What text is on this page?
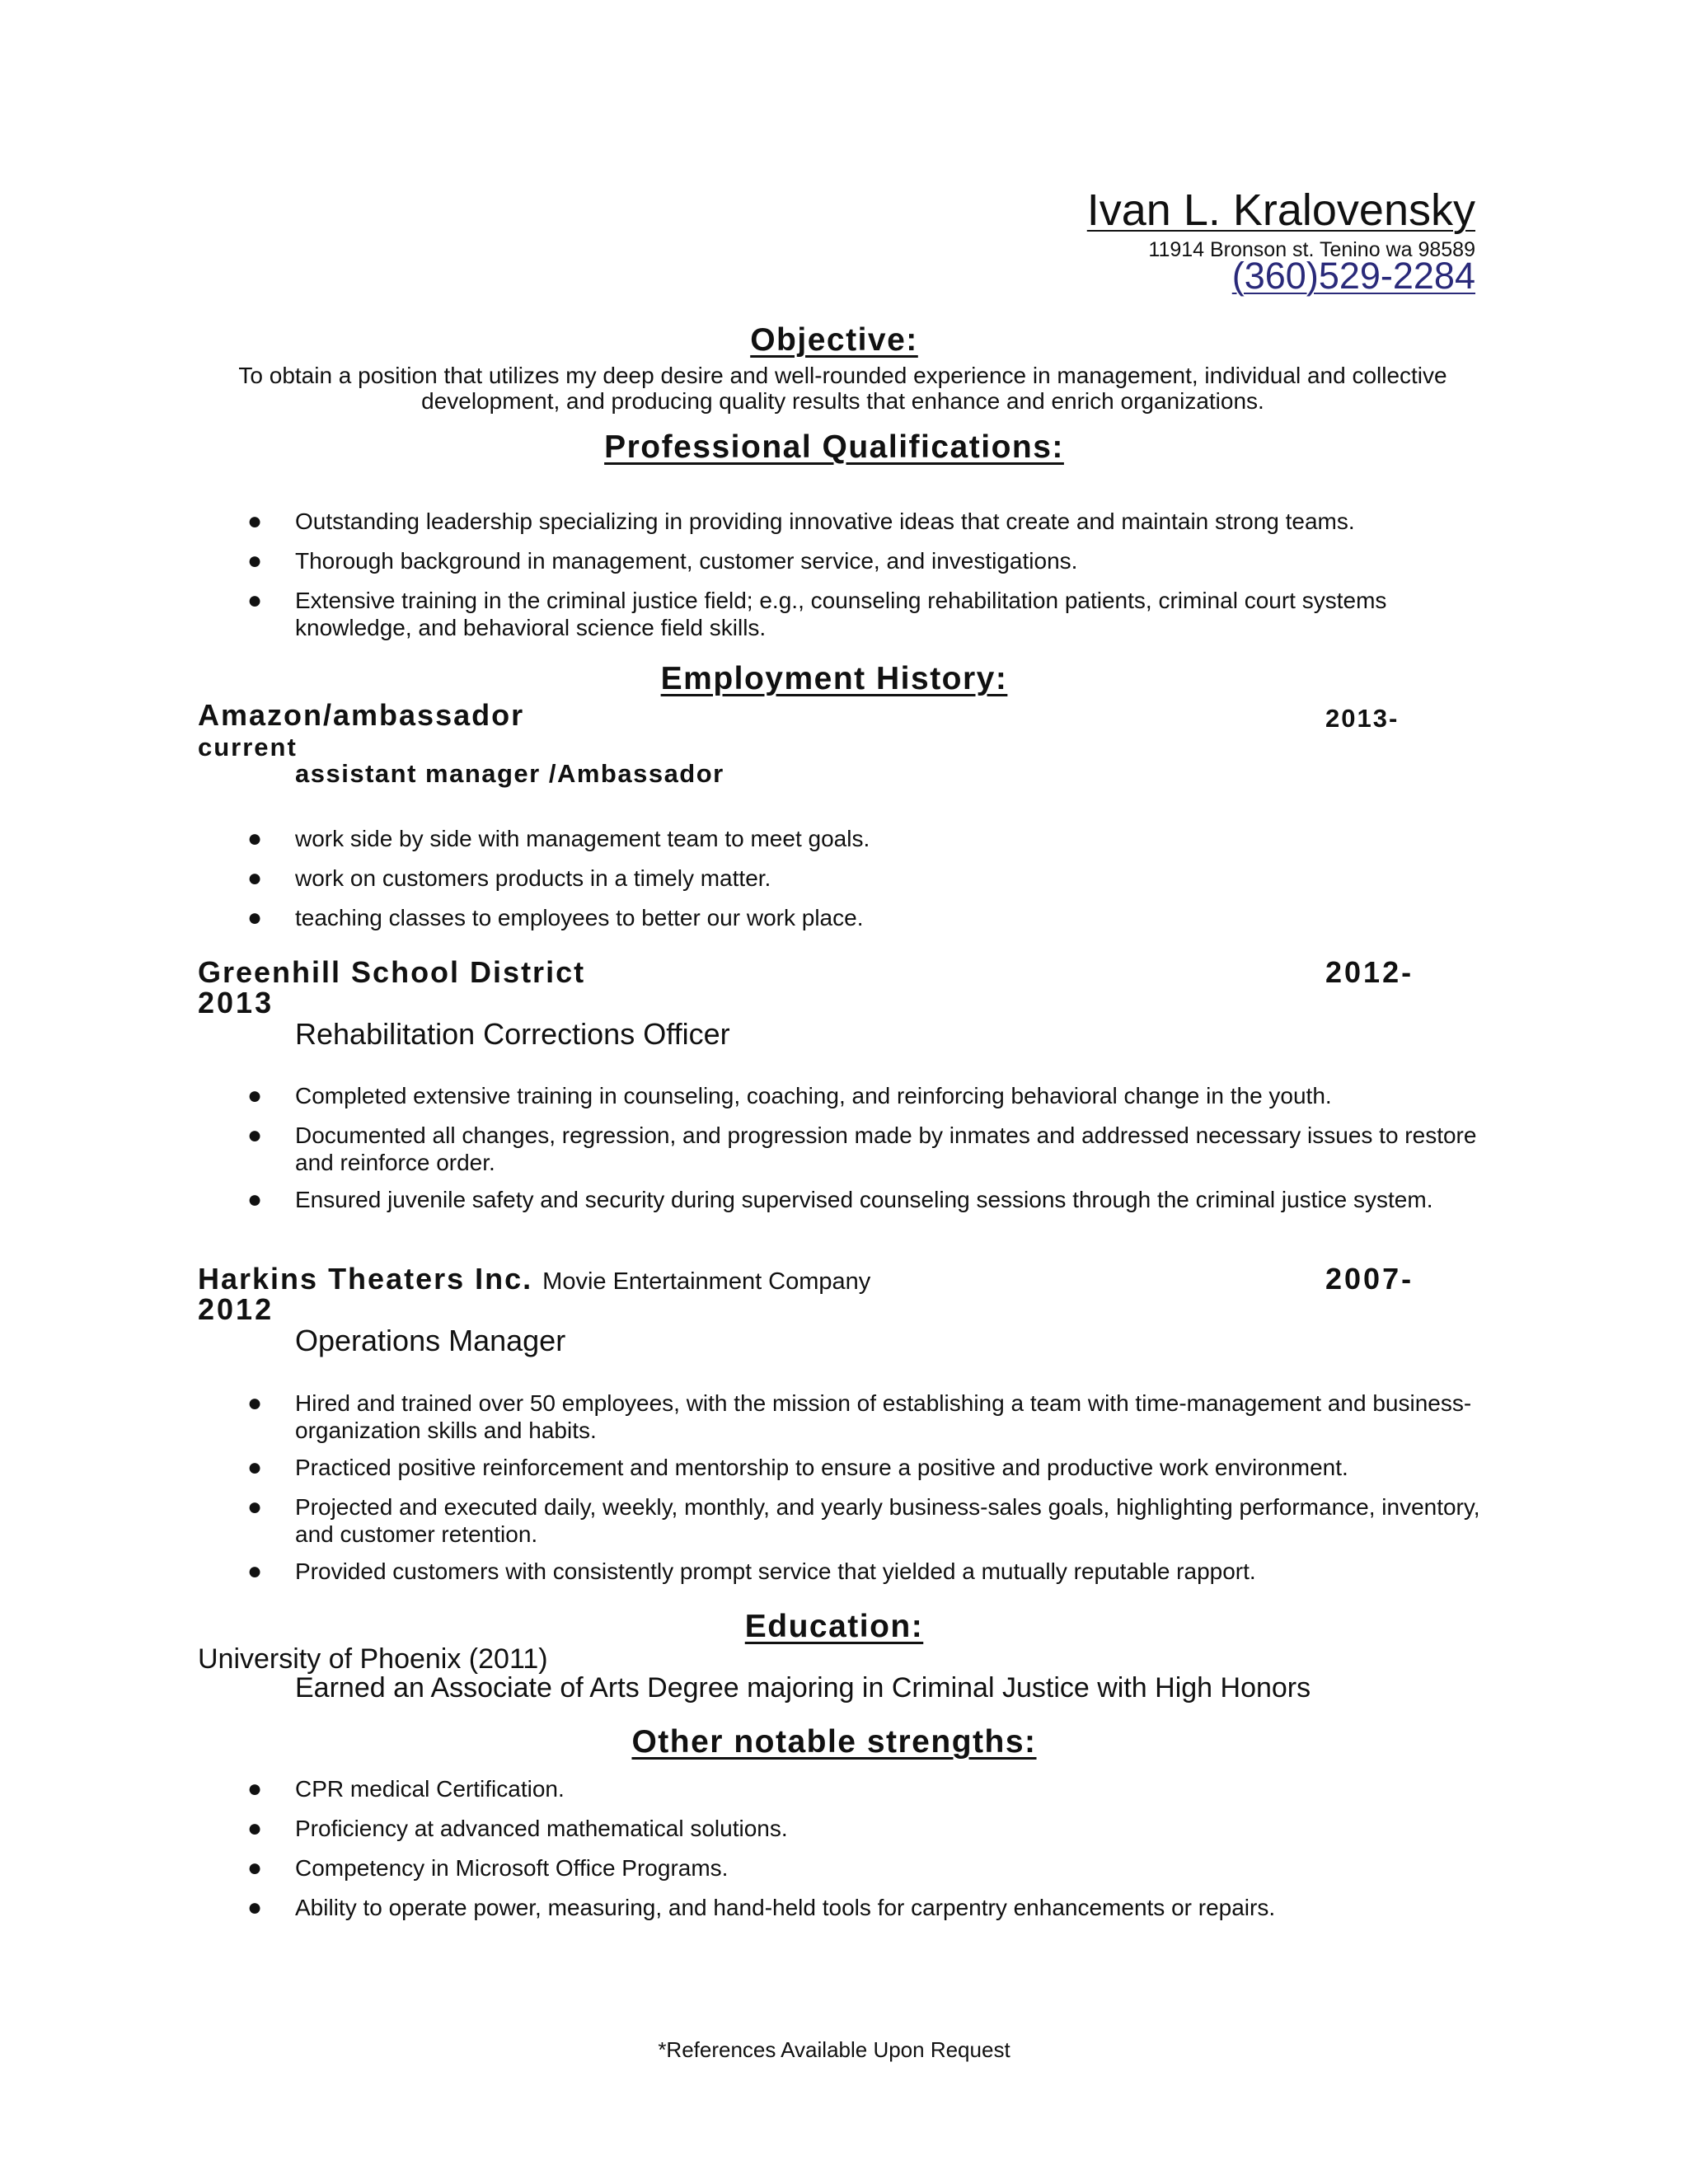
Ivan L. Kralovensky
11914 Bronson st. Tenino wa 98589
(360)529-2284
Objective:
To obtain a position that utilizes my deep desire and well-rounded experience in management, individual and collective development, and producing quality results that enhance and enrich organizations.
Professional Qualifications:
● Outstanding leadership specializing in providing innovative ideas that create and maintain strong teams.
● Thorough background in management, customer service, and investigations.
● Extensive training in the criminal justice field; e.g., counseling rehabilitation patients, criminal court systems knowledge, and behavioral science field skills.
Employment History:
Amazon/ambassador	2013-
current
assistant manager /Ambassador
● work side by side with management team to meet goals.
● work on customers products in a timely matter.
● teaching classes to employees to better our work place.
Greenhill School District	2012-
2013
Rehabilitation Corrections Officer
● Completed extensive training in counseling, coaching, and reinforcing behavioral change in the youth.
● Documented all changes, regression, and progression made by inmates and addressed necessary issues to restore and reinforce order.
● Ensured juvenile safety and security during supervised counseling sessions through the criminal justice system.
Harkins Theaters Inc. Movie Entertainment Company	2007-
2012
Operations Manager
● Hired and trained over 50 employees, with the mission of establishing a team with time-management and business-organization skills and habits.
● Practiced positive reinforcement and mentorship to ensure a positive and productive work environment.
● Projected and executed daily, weekly, monthly, and yearly business-sales goals, highlighting performance, inventory, and customer retention.
● Provided customers with consistently prompt service that yielded a mutually reputable rapport.
Education:
University of Phoenix (2011)
Earned an Associate of Arts Degree majoring in Criminal Justice with High Honors
Other notable strengths:
● CPR medical Certification.
● Proficiency at advanced mathematical solutions.
● Competency in Microsoft Office Programs.
● Ability to operate power, measuring, and hand-held tools for carpentry enhancements or repairs.
*References Available Upon Request
